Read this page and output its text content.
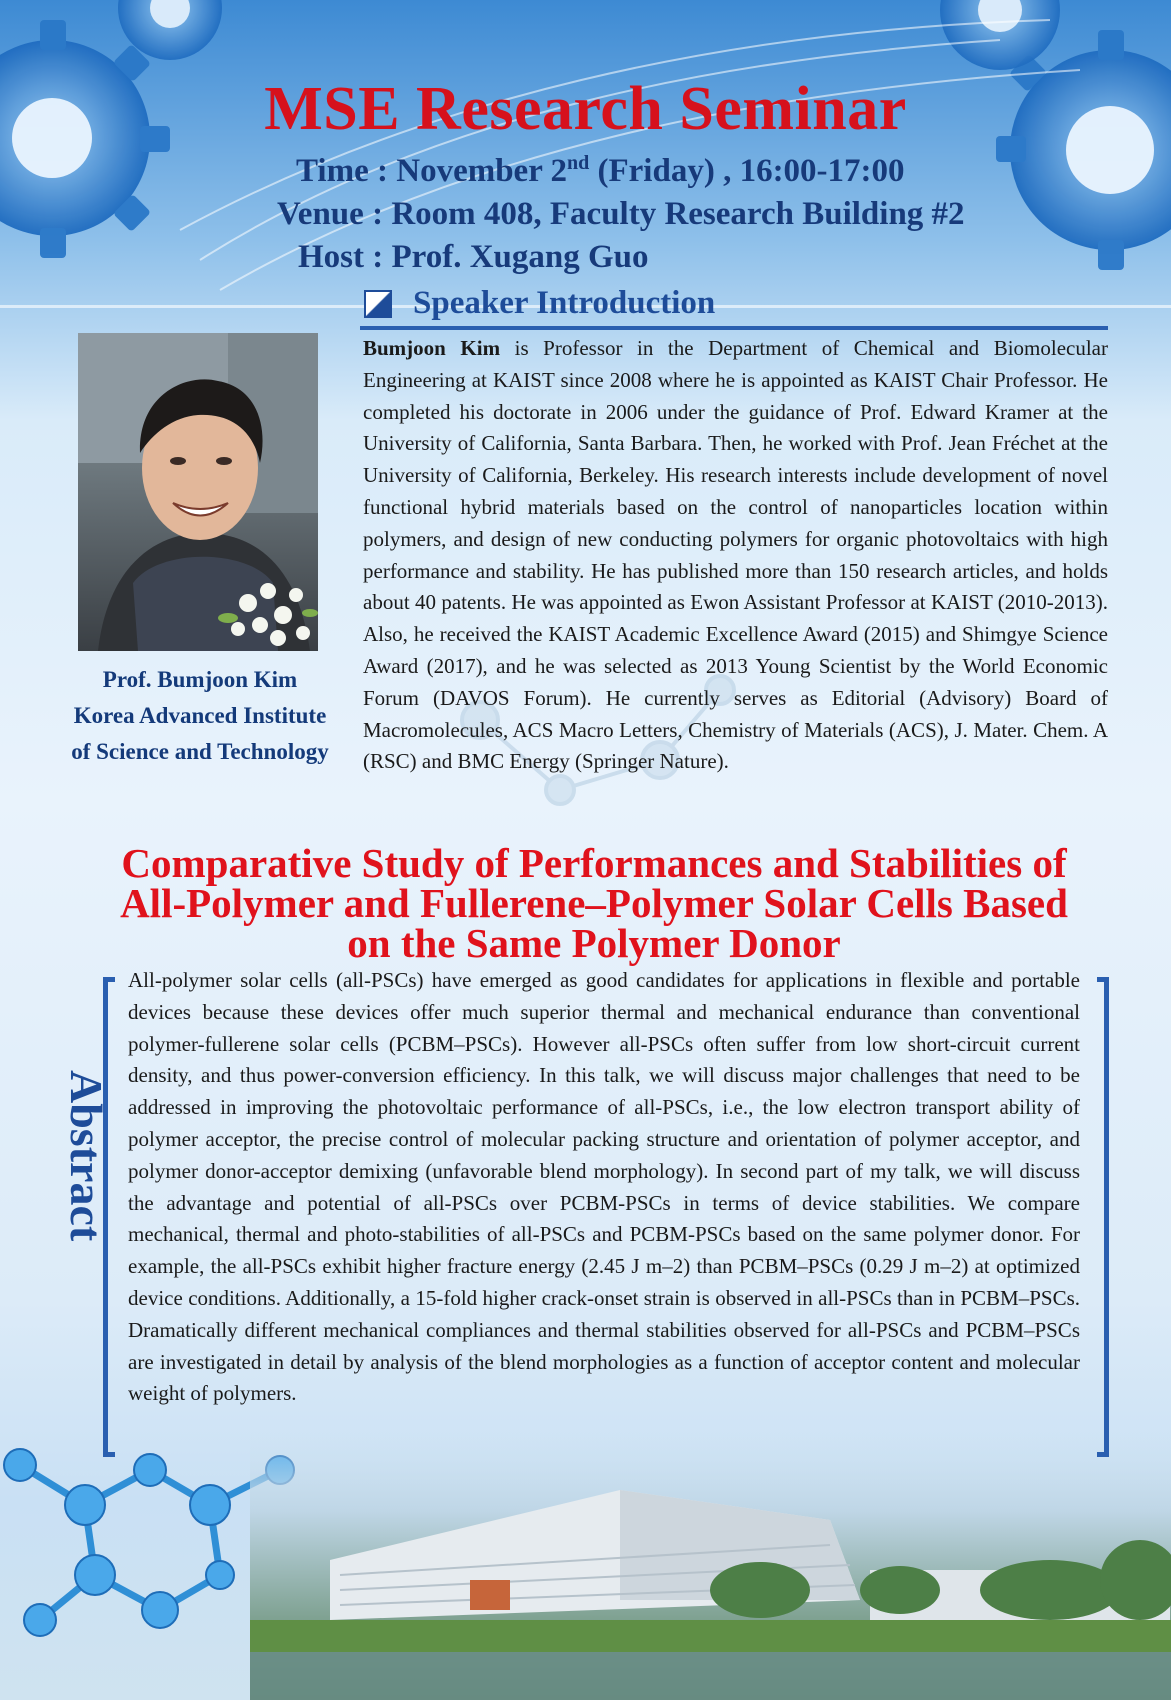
MSE Research Seminar
Time : November 2nd (Friday) , 16:00-17:00
Venue : Room 408, Faculty Research Building #2
Host : Prof. Xugang Guo
Speaker Introduction
Prof. Bumjoon Kim
Korea Advanced Institute
of Science and Technology
Bumjoon Kim is Professor in the Department of Chemical and Biomolecular Engineering at KAIST since 2008 where he is appointed as KAIST Chair Professor. He completed his doctorate in 2006 under the guidance of Prof. Edward Kramer at the University of California, Santa Barbara. Then, he worked with Prof. Jean Fréchet at the University of California, Berkeley. His research interests include development of novel functional hybrid materials based on the control of nanoparticles location within polymers, and design of new conducting polymers for organic photovoltaics with high performance and stability. He has published more than 150 research articles, and holds about 40 patents. He was appointed as Ewon Assistant Professor at KAIST (2010-2013). Also, he received the KAIST Academic Excellence Award (2015) and Shimgye Science Award (2017), and he was selected as 2013 Young Scientist by the World Economic Forum (DAVOS Forum). He currently serves as Editorial (Advisory) Board of Macromolecules, ACS Macro Letters, Chemistry of Materials (ACS), J. Mater. Chem. A (RSC) and BMC Energy (Springer Nature).
Comparative Study of Performances and Stabilities of
All-Polymer and Fullerene–Polymer Solar Cells Based
on the Same Polymer Donor
Abstract
All-polymer solar cells (all-PSCs) have emerged as good candidates for applications in flexible and portable devices because these devices offer much superior thermal and mechanical endurance than conventional polymer-fullerene solar cells (PCBM–PSCs). However all-PSCs often suffer from low short-circuit current density, and thus power-conversion efficiency. In this talk, we will discuss major challenges that need to be addressed in improving the photovoltaic performance of all-PSCs, i.e., the low electron transport ability of polymer acceptor, the precise control of molecular packing structure and orientation of polymer acceptor, and polymer donor-acceptor demixing (unfavorable blend morphology). In second part of my talk, we will discuss the advantage and potential of all-PSCs over PCBM-PSCs in terms of device stabilities. We compare mechanical, thermal and photo-stabilities of all-PSCs and PCBM-PSCs based on the same polymer donor. For example, the all-PSCs exhibit higher fracture energy (2.45 J m–2) than PCBM–PSCs (0.29 J m–2) at optimized device conditions. Additionally, a 15-fold higher crack-onset strain is observed in all-PSCs than in PCBM–PSCs. Dramatically different mechanical compliances and thermal stabilities observed for all-PSCs and PCBM–PSCs are investigated in detail by analysis of the blend morphologies as a function of acceptor content and molecular weight of polymers.
